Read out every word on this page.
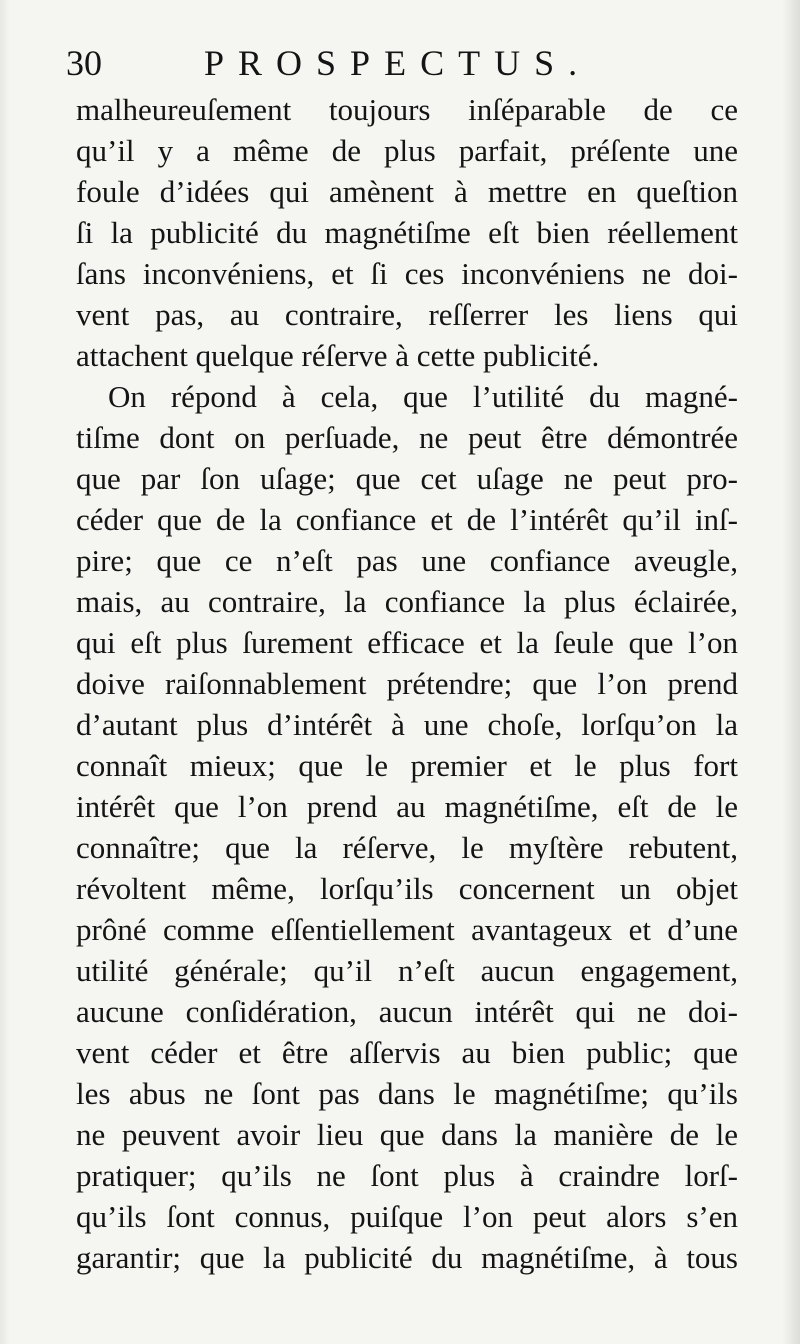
30	PROSPECTUS.
malheureuſement toujours inſéparable de ce
qu’il y a même de plus parfait, préſente une
foule d’idées qui amènent à mettre en queſtion
ſi la publicité du magnétiſme eſt bien réellement
ſans inconvéniens, et ſi ces inconvéniens ne doi-
vent pas, au contraire, reſſerrer les liens qui
attachent quelque réſerve à cette publicité.
On répond à cela, que l’utilité du magné-
tiſme dont on perſuade, ne peut être démontrée
que par ſon uſage; que cet uſage ne peut pro-
céder que de la confiance et de l’intérêt qu’il inſ-
pire; que ce n’eſt pas une confiance aveugle,
mais, au contraire, la confiance la plus éclairée,
qui eſt plus ſurement efficace et la ſeule que l’on
doive raiſonnablement prétendre; que l’on prend
d’autant plus d’intérêt à une choſe, lorſqu’on la
connaît mieux; que le premier et le plus fort
intérêt que l’on prend au magnétiſme, eſt de le
connaître; que la réſerve, le myſtère rebutent,
révoltent même, lorſqu’ils concernent un objet
prôné comme eſſentiellement avantageux et d’une
utilité générale; qu’il n’eſt aucun engagement,
aucune conſidération, aucun intérêt qui ne doi-
vent céder et être aſſervis au bien public; que
les abus ne ſont pas dans le magnétiſme; qu’ils
ne peuvent avoir lieu que dans la manière de le
pratiquer; qu’ils ne ſont plus à craindre lorſ-
qu’ils ſont connus, puiſque l’on peut alors s’en
garantir; que la publicité du magnétiſme, à tous
